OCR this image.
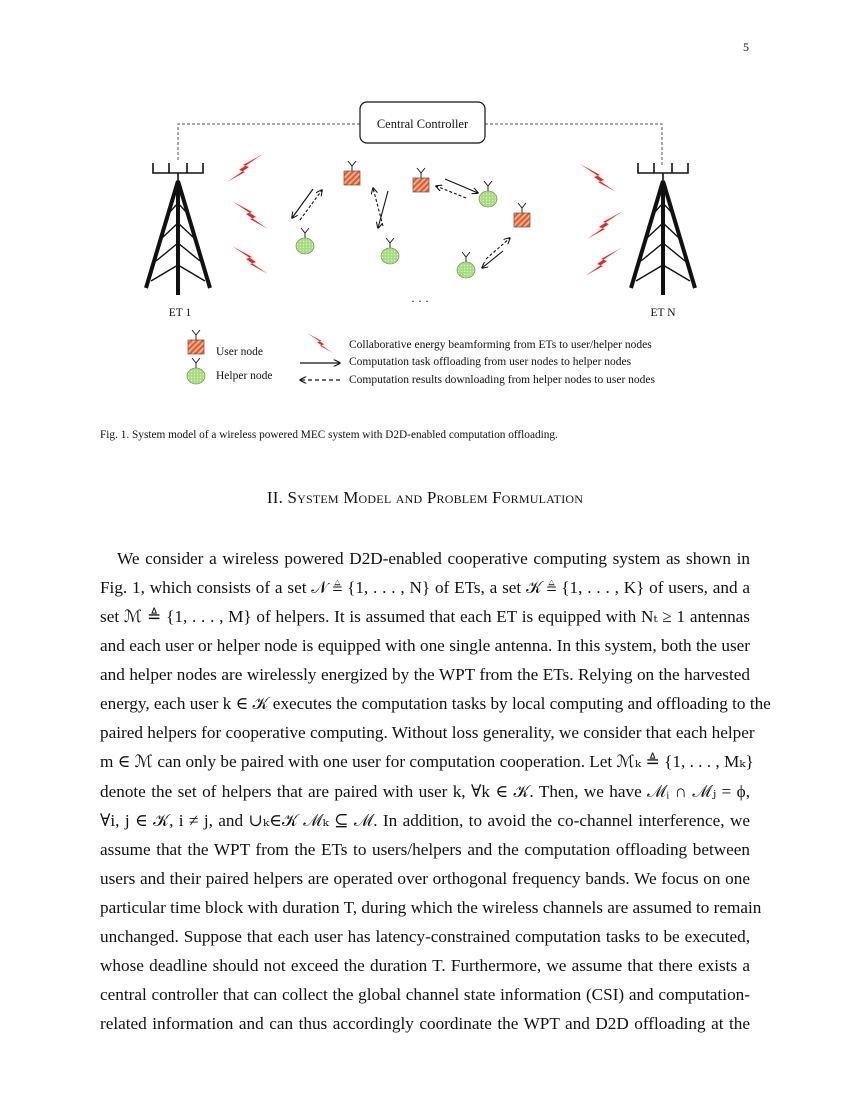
5
Central Controller
ET 1
· · ·
ET N
User node
Helper node
Collaborative energy beamforming from ETs to user/helper nodes
Computation task offloading from user nodes to helper nodes
Computation results downloading from helper nodes to user nodes
Fig. 1. System model of a wireless powered MEC system with D2D-enabled computation offloading.
II. System Model and Problem Formulation
We consider a wireless powered D2D-enabled cooperative computing system as shown in
Fig. 1, which consists of a set 𝒩 ≜ {1, . . . , N} of ETs, a set 𝒦 ≜ {1, . . . , K} of users, and a
set ℳ ≜ {1, . . . , M} of helpers. It is assumed that each ET is equipped with Nₜ ≥ 1 antennas
and each user or helper node is equipped with one single antenna. In this system, both the user
and helper nodes are wirelessly energized by the WPT from the ETs. Relying on the harvested
energy, each user k ∈ 𝒦 executes the computation tasks by local computing and offloading to the
paired helpers for cooperative computing. Without loss generality, we consider that each helper
m ∈ ℳ can only be paired with one user for computation cooperation. Let ℳₖ ≜ {1, . . . , Mₖ}
denote the set of helpers that are paired with user k, ∀k ∈ 𝒦. Then, we have ℳᵢ ∩ ℳⱼ = ϕ,
∀i, j ∈ 𝒦, i ≠ j, and ∪ₖ∈𝒦 ℳₖ ⊆ ℳ. In addition, to avoid the co-channel interference, we
assume that the WPT from the ETs to users/helpers and the computation offloading between
users and their paired helpers are operated over orthogonal frequency bands. We focus on one
particular time block with duration T, during which the wireless channels are assumed to remain
unchanged. Suppose that each user has latency-constrained computation tasks to be executed,
whose deadline should not exceed the duration T. Furthermore, we assume that there exists a
central controller that can collect the global channel state information (CSI) and computation-
related information and can thus accordingly coordinate the WPT and D2D offloading at the
